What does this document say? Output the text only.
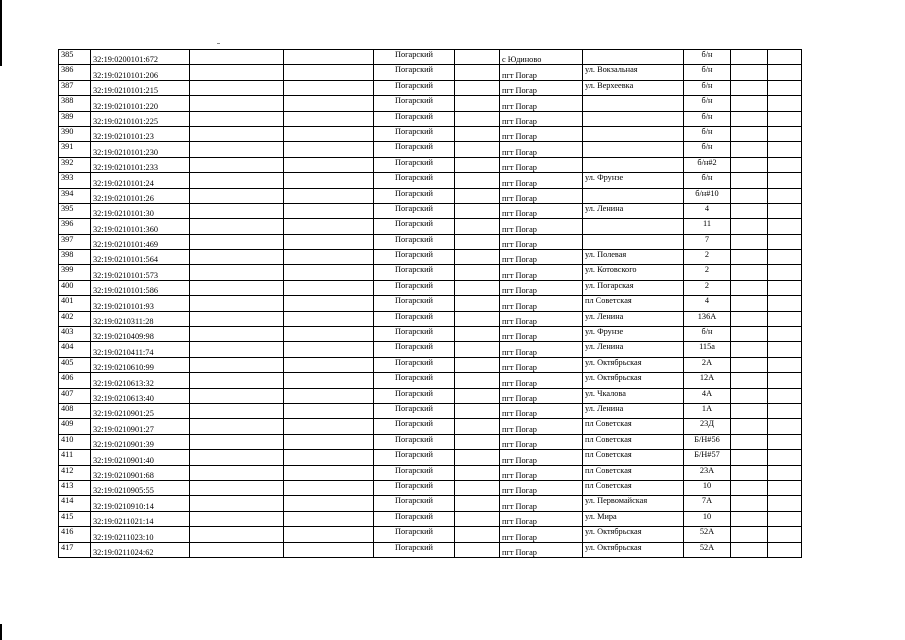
385	32:19:0200101:672			Погарский		с Юдиново		б/н		
386	32:19:0210101:206			Погарский		пгт Погар	ул. Вокзальная	б/н		
387	32:19:0210101:215			Погарский		пгт Погар	ул. Верхеевка	б/н		
388	32:19:0210101:220			Погарский		пгт Погар		б/н		
389	32:19:0210101:225			Погарский		пгт Погар		б/н		
390	32:19:0210101:23			Погарский		пгт Погар		б/н		
391	32:19:0210101:230			Погарский		пгт Погар		б/н		
392	32:19:0210101:233			Погарский		пгт Погар		б/н#2		
393	32:19:0210101:24			Погарский		пгт Погар	ул. Фрунзе	б/н		
394	32:19:0210101:26			Погарский		пгт Погар		б/н#10		
395	32:19:0210101:30			Погарский		пгт Погар	ул. Ленина	4		
396	32:19:0210101:360			Погарский		пгт Погар		11		
397	32:19:0210101:469			Погарский		пгт Погар		7		
398	32:19:0210101:564			Погарский		пгт Погар	ул. Полевая	2		
399	32:19:0210101:573			Погарский		пгт Погар	ул. Котовского	2		
400	32:19:0210101:586			Погарский		пгт Погар	ул. Погарская	2		
401	32:19:0210101:93			Погарский		пгт Погар	пл Советская	4		
402	32:19:0210311:28			Погарский		пгт Погар	ул. Ленина	136А		
403	32:19:0210409:98			Погарский		пгт Погар	ул. Фрунзе	б/н		
404	32:19:0210411:74			Погарский		пгт Погар	ул. Ленина	115а		
405	32:19:0210610:99			Погарский		пгт Погар	ул. Октябрьская	2А		
406	32:19:0210613:32			Погарский		пгт Погар	ул. Октябрьская	12А		
407	32:19:0210613:40			Погарский		пгт Погар	ул. Чкалова	4А		
408	32:19:0210901:25			Погарский		пгт Погар	ул. Ленина	1А		
409	32:19:0210901:27			Погарский		пгт Погар	пл Советская	23Д		
410	32:19:0210901:39			Погарский		пгт Погар	пл Советская	Б/Н#56		
411	32:19:0210901:40			Погарский		пгт Погар	пл Советская	Б/Н#57		
412	32:19:0210901:68			Погарский		пгт Погар	пл Советская	23А		
413	32:19:0210905:55			Погарский		пгт Погар	пл Советская	10		
414	32:19:0210910:14			Погарский		пгт Погар	ул. Первомайская	7А		
415	32:19:0211021:14			Погарский		пгт Погар	ул. Мира	10		
416	32:19:0211023:10			Погарский		пгт Погар	ул. Октябрьская	52А		
417	32:19:0211024:62			Погарский		пгт Погар	ул. Октябрьская	52А		
